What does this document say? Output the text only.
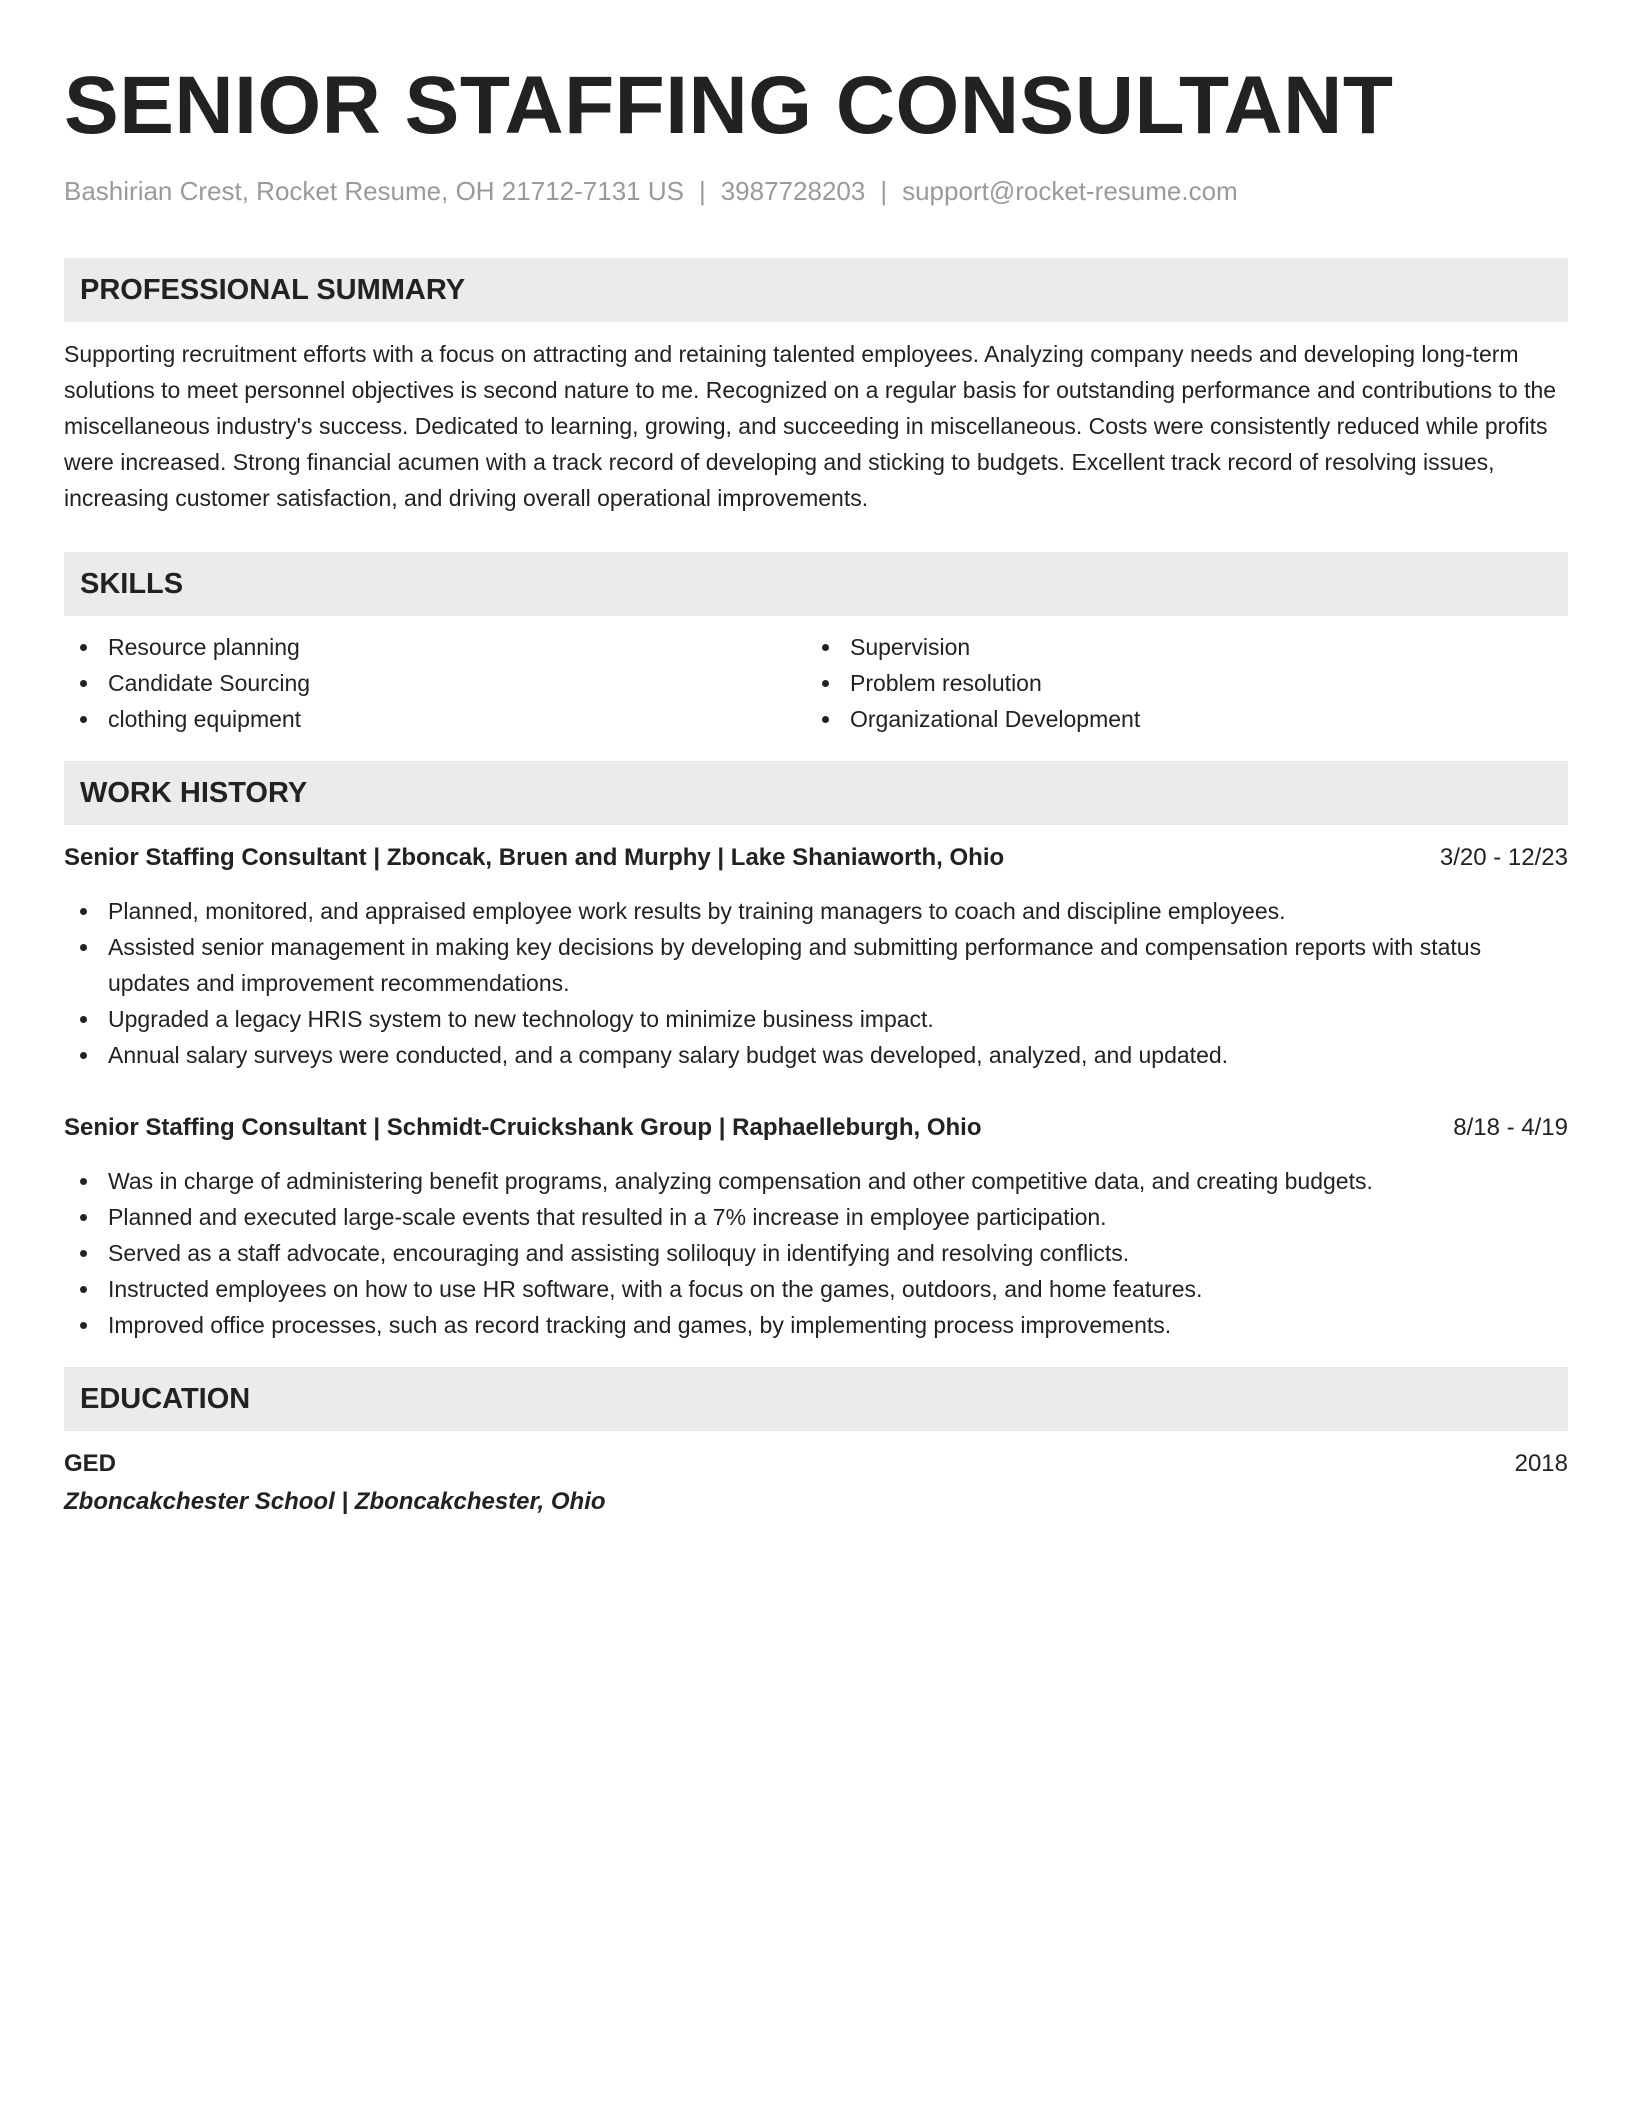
SENIOR STAFFING CONSULTANT
Bashirian Crest, Rocket Resume, OH 21712-7131 US | 3987728203 | support@rocket-resume.com
PROFESSIONAL SUMMARY

Supporting recruitment efforts with a focus on attracting and retaining talented employees. Analyzing company needs and developing long-term solutions to meet personnel objectives is second nature to me. Recognized on a regular basis for outstanding performance and contributions to the miscellaneous industry's success. Dedicated to learning, growing, and succeeding in miscellaneous. Costs were consistently reduced while profits were increased. Strong financial acumen with a track record of developing and sticking to budgets. Excellent track record of resolving issues, increasing customer satisfaction, and driving overall operational improvements.

SKILLS
Resource planning
Candidate Sourcing
clothing equipment
Supervision
Problem resolution
Organizational Development
WORK HISTORY
Senior Staffing Consultant | Zboncak, Bruen and Murphy | Lake Shaniaworth, Ohio	3/20 - 12/23
Planned, monitored, and appraised employee work results by training managers to coach and discipline employees.
Assisted senior management in making key decisions by developing and submitting performance and compensation reports with status updates and improvement recommendations.
Upgraded a legacy HRIS system to new technology to minimize business impact.
Annual salary surveys were conducted, and a company salary budget was developed, analyzed, and updated.
Senior Staffing Consultant | Schmidt-Cruickshank Group | Raphaelleburgh, Ohio	8/18 - 4/19
Was in charge of administering benefit programs, analyzing compensation and other competitive data, and creating budgets.
Planned and executed large-scale events that resulted in a 7% increase in employee participation.
Served as a staff advocate, encouraging and assisting soliloquy in identifying and resolving conflicts.
Instructed employees on how to use HR software, with a focus on the games, outdoors, and home features.
Improved office processes, such as record tracking and games, by implementing process improvements.
EDUCATION
GED	2018
Zboncakchester School | Zboncakchester, Ohio
